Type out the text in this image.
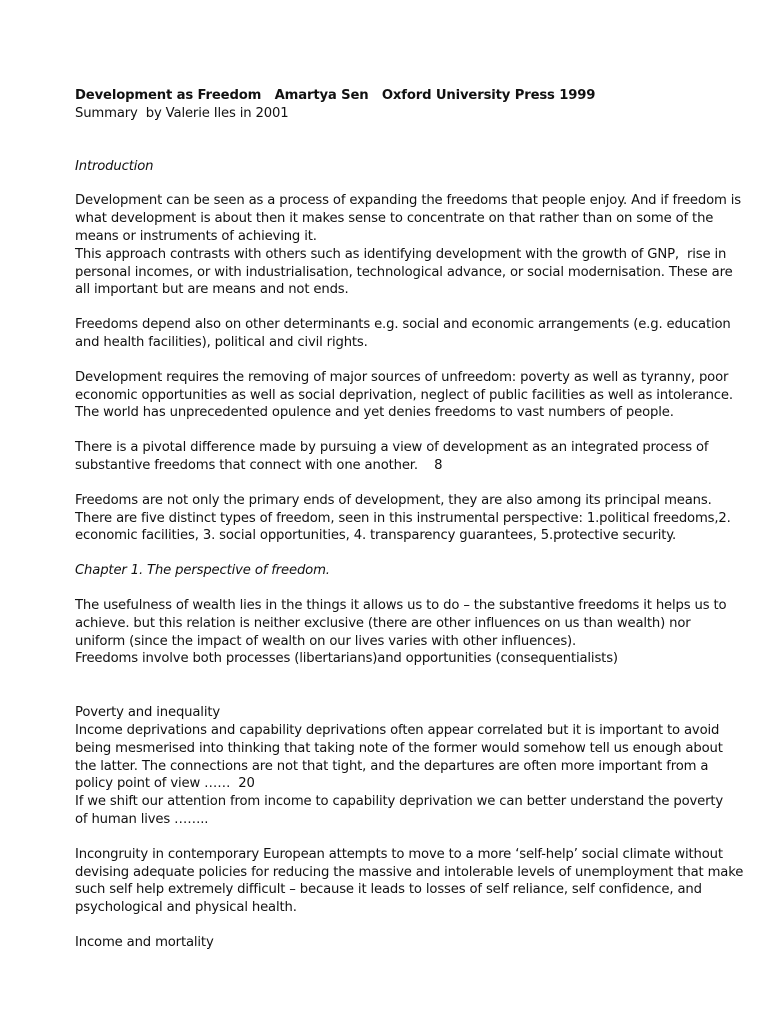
Development as Freedom   Amartya Sen   Oxford University Press 1999

Summary  by Valerie Iles in 2001

Introduction

Development can be seen as a process of expanding the freedoms that people enjoy. And if freedom is
what development is about then it makes sense to concentrate on that rather than on some of the
means or instruments of achieving it.
This approach contrasts with others such as identifying development with the growth of GNP,  rise in
personal incomes, or with industrialisation, technological advance, or social modernisation. These are
all important but are means and not ends.

Freedoms depend also on other determinants e.g. social and economic arrangements (e.g. education
and health facilities), political and civil rights.

Development requires the removing of major sources of unfreedom: poverty as well as tyranny, poor
economic opportunities as well as social deprivation, neglect of public facilities as well as intolerance.
The world has unprecedented opulence and yet denies freedoms to vast numbers of people.

There is a pivotal difference made by pursuing a view of development as an integrated process of
substantive freedoms that connect with one another.    8

Freedoms are not only the primary ends of development, they are also among its principal means.
There are five distinct types of freedom, seen in this instrumental perspective: 1.political freedoms,2.
economic facilities, 3. social opportunities, 4. transparency guarantees, 5.protective security.

Chapter 1. The perspective of freedom.

The usefulness of wealth lies in the things it allows us to do – the substantive freedoms it helps us to
achieve. but this relation is neither exclusive (there are other influences on us than wealth) nor
uniform (since the impact of wealth on our lives varies with other influences).
Freedoms involve both processes (libertarians)and opportunities (consequentialists)

Poverty and inequality

Income deprivations and capability deprivations often appear correlated but it is important to avoid
being mesmerised into thinking that taking note of the former would somehow tell us enough about
the latter. The connections are not that tight, and the departures are often more important from a
policy point of view ……  20
If we shift our attention from income to capability deprivation we can better understand the poverty
of human lives ……..

Incongruity in contemporary European attempts to move to a more ‘self-help’ social climate without
devising adequate policies for reducing the massive and intolerable levels of unemployment that make
such self help extremely difficult – because it leads to losses of self reliance, self confidence, and
psychological and physical health.

Income and mortality
